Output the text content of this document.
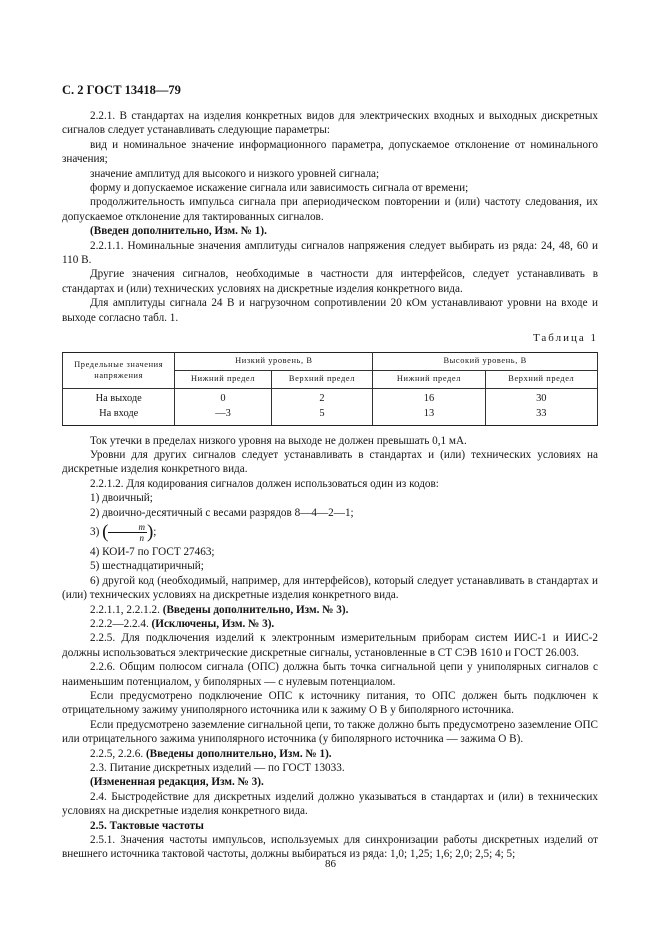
С. 2 ГОСТ 13418—79

2.2.1. В стандартах на изделия конкретных видов для электрических входных и выходных дискретных сигналов следует устанавливать следующие параметры:

вид и номинальное значение информационного параметра, допускаемое отклонение от номинального значения;

значение амплитуд для высокого и низкого уровней сигнала;

форму и допускаемое искажение сигнала или зависимость сигнала от времени;

продолжительность импульса сигнала при апериодическом повторении и (или) частоту следования, их допускаемое отклонение для тактированных сигналов.

(Введен дополнительно, Изм. № 1).

2.2.1.1. Номинальные значения амплитуды сигналов напряжения следует выбирать из ряда: 24, 48, 60 и 110 В.

Другие значения сигналов, необходимые в частности для интерфейсов, следует устанавливать в стандартах и (или) технических условиях на дискретные изделия конкретного вида.

Для амплитуды сигнала 24 В и нагрузочном сопротивлении 20 кОм устанавливают уровни на входе и выходе согласно табл. 1.

Таблица 1
Предельные значения напряжения	Низкий уровень, В		Высокий уровень, В	
	Нижний предел	Верхний предел	Нижний предел	Верхний предел
На выходе	0	2	16	30
На входе	—3	5	13	33

Ток утечки в пределах низкого уровня на выходе не должен превышать 0,1 мА.

Уровни для других сигналов следует устанавливать в стандартах и (или) технических условиях на дискретные изделия конкретного вида.

2.2.1.2. Для кодирования сигналов должен использоваться один из кодов:

1) двоичный;

2) двоично-десятичный с весами разрядов 8—4—2—1;

3) ( $\frac{m}{n}$ );

4) КОИ-7 по ГОСТ 27463;

5) шестнадцатиричный;

6) другой код (необходимый, например, для интерфейсов), который следует устанавливать в стандартах и (или) технических условиях на дискретные изделия конкретного вида.

2.2.1.1, 2.2.1.2. (Введены дополнительно, Изм. № 3).

2.2.2—2.2.4. (Исключены, Изм. № 3).

2.2.5. Для подключения изделий к электронным измерительным приборам систем ИИС-1 и ИИС-2 должны использоваться электрические дискретные сигналы, установленные в СТ СЭВ 1610 и ГОСТ 26.003.

2.2.6. Общим полюсом сигнала (ОПС) должна быть точка сигнальной цепи у униполярных сигналов с наименьшим потенциалом, у биполярных — с нулевым потенциалом.

Если предусмотрено подключение ОПС к источнику питания, то ОПС должен быть подключен к отрицательному зажиму униполярного источника или к зажиму О В у биполярного источника.

Если предусмотрено заземление сигнальной цепи, то также должно быть предусмотрено заземление ОПС или отрицательного зажима униполярного источника (у биполярного источника — зажима О В).

2.2.5, 2.2.6. (Введены дополнительно, Изм. № 1).

2.3. Питание дискретных изделий — по ГОСТ 13033.

(Измененная редакция, Изм. № 3).

2.4. Быстродействие для дискретных изделий должно указываться в стандартах и (или) в технических условиях на дискретные изделия конкретного вида.

2.5. Тактовые частоты

2.5.1. Значения частоты импульсов, используемых для синхронизации работы дискретных изделий от внешнего источника тактовой частоты, должны выбираться из ряда: 1,0; 1,25; 1,6; 2,0; 2,5; 4; 5;

86
